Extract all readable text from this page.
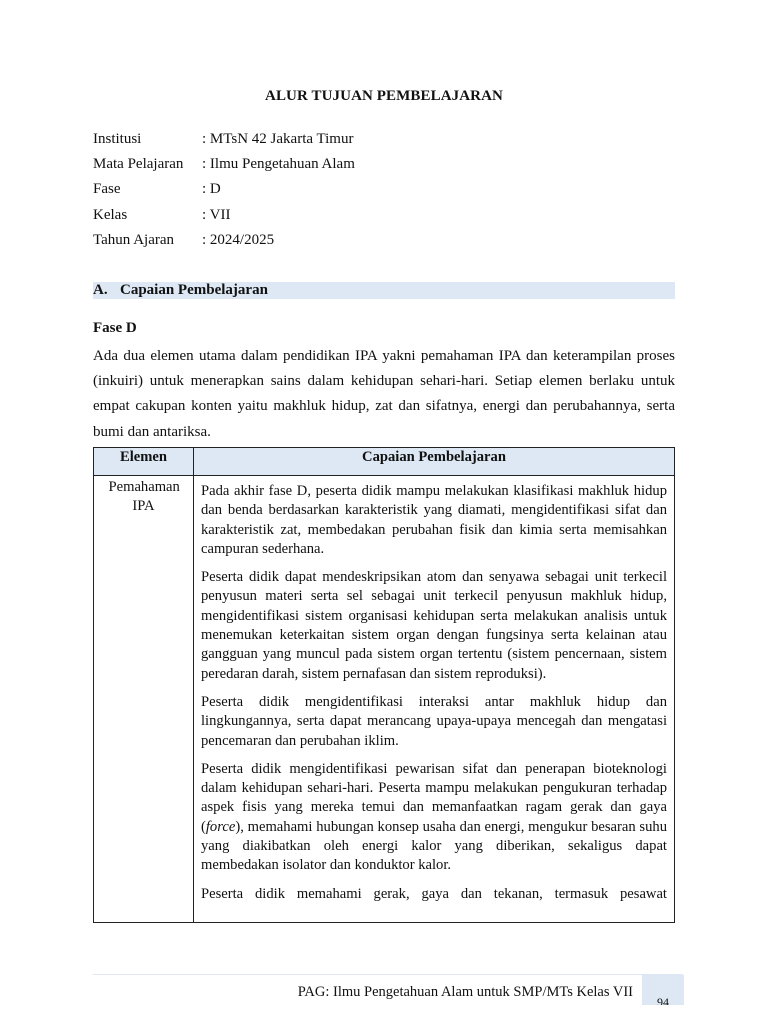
ALUR TUJUAN PEMBELAJARAN
Institusi	: MTsN 42 Jakarta Timur
Mata Pelajaran	: Ilmu Pengetahuan Alam
Fase	: D
Kelas	: VII
Tahun Ajaran	: 2024/2025
A. Capaian Pembelajaran
Fase D
Ada dua elemen utama dalam pendidikan IPA yakni pemahaman IPA dan keterampilan proses (inkuiri) untuk menerapkan sains dalam kehidupan sehari-hari. Setiap elemen berlaku untuk empat cakupan konten yaitu makhluk hidup, zat dan sifatnya, energi dan perubahannya, serta bumi dan antariksa.
Elemen	Capaian Pembelajaran

Pemahaman IPA	Pada akhir fase D, peserta didik mampu melakukan klasifikasi makhluk hidup dan benda berdasarkan karakteristik yang diamati, mengidentifikasi sifat dan karakteristik zat, membedakan perubahan fisik dan kimia serta memisahkan campuran sederhana.

Peserta didik dapat mendeskripsikan atom dan senyawa sebagai unit terkecil penyusun materi serta sel sebagai unit terkecil penyusun makhluk hidup, mengidentifikasi sistem organisasi kehidupan serta melakukan analisis untuk menemukan keterkaitan sistem organ dengan fungsinya serta kelainan atau gangguan yang muncul pada sistem organ tertentu (sistem pencernaan, sistem peredaran darah, sistem pernafasan dan sistem reproduksi).

Peserta didik mengidentifikasi interaksi antar makhluk hidup dan lingkungannya, serta dapat merancang upaya-upaya mencegah dan mengatasi pencemaran dan perubahan iklim.

Peserta didik mengidentifikasi pewarisan sifat dan penerapan bioteknologi dalam kehidupan sehari-hari. Peserta mampu melakukan pengukuran terhadap aspek fisis yang mereka temui dan memanfaatkan ragam gerak dan gaya (force), memahami hubungan konsep usaha dan energi, mengukur besaran suhu yang diakibatkan oleh energi kalor yang diberikan, sekaligus dapat membedakan isolator dan konduktor kalor.

Peserta didik memahami gerak, gaya dan tekanan, termasuk pesawat

PAG: Ilmu Pengetahuan Alam untuk SMP/MTs Kelas VII
94
